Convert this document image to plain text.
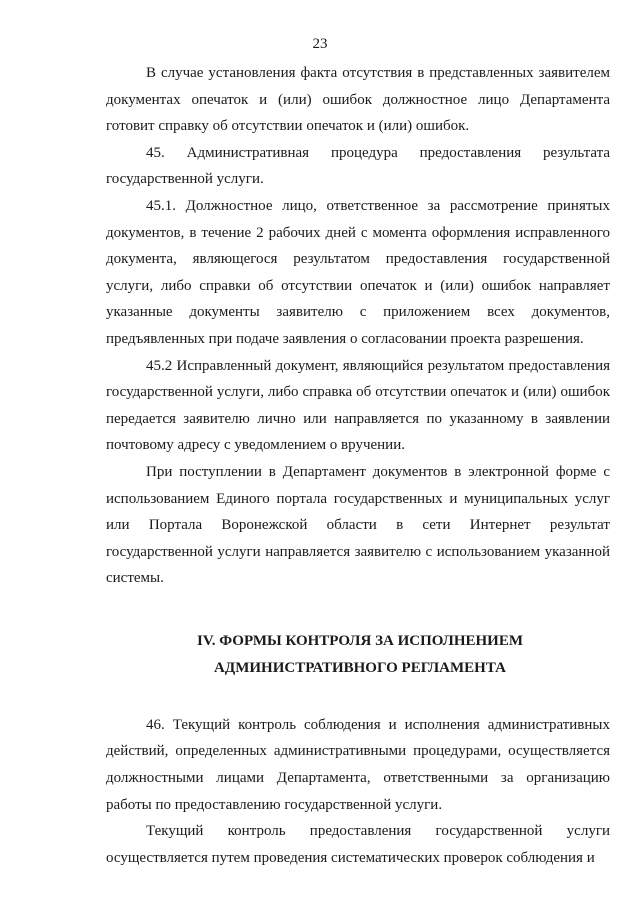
23

В случае установления факта отсутствия в представленных заявителем документах опечаток и (или) ошибок должностное лицо Департамента готовит справку об отсутствии опечаток и (или) ошибок.

45. Административная процедура предоставления результата государственной услуги.

45.1. Должностное лицо, ответственное за рассмотрение принятых документов, в течение 2 рабочих дней с момента оформления исправленного документа, являющегося результатом предоставления государственной услуги, либо справки об отсутствии опечаток и (или) ошибок направляет указанные документы заявителю с приложением всех документов, предъявленных при подаче заявления о согласовании проекта разрешения.

45.2 Исправленный документ, являющийся результатом предоставления государственной услуги, либо справка об отсутствии опечаток и (или) ошибок передается заявителю лично или направляется по указанному в заявлении почтовому адресу с уведомлением о вручении.

При поступлении в Департамент документов в электронной форме с использованием Единого портала государственных и муниципальных услуг или Портала Воронежской области в сети Интернет результат государственной услуги направляется заявителю с использованием указанной системы.

IV. ФОРМЫ КОНТРОЛЯ ЗА ИСПОЛНЕНИЕМ
АДМИНИСТРАТИВНОГО РЕГЛАМЕНТА

46. Текущий контроль соблюдения и исполнения административных действий, определенных административными процедурами, осуществляется должностными лицами Департамента, ответственными за организацию работы по предоставлению государственной услуги.

Текущий контроль предоставления государственной услуги осуществляется путем проведения систематических проверок соблюдения и
